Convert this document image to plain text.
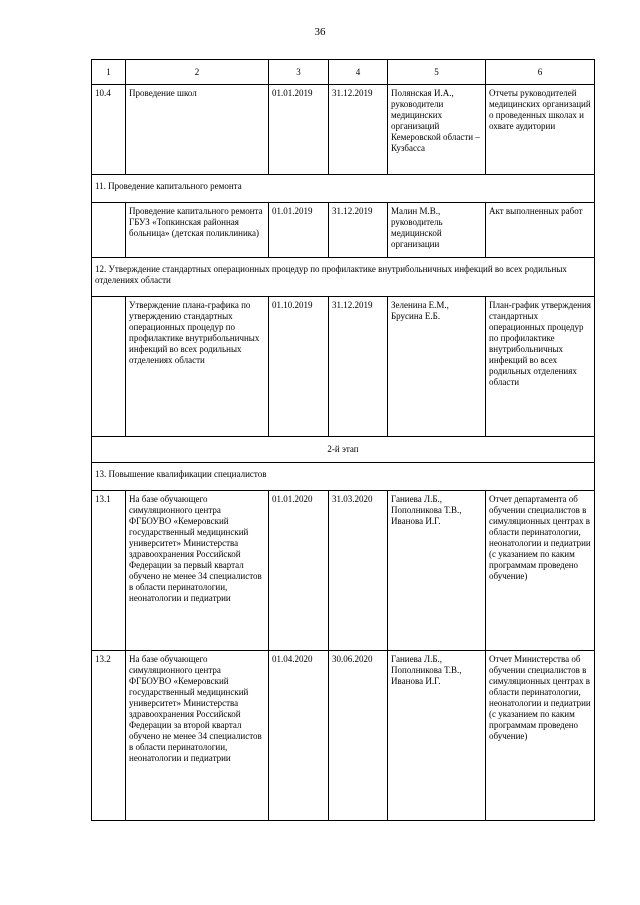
36
1	2	3	4	5	6
10.4	Проведение школ	01.01.2019	31.12.2019	Полянская И.А., руководители медицинских организаций Кемеровской области – Кузбасса	Отчеты руководителей медицинских организаций о проведенных школах и охвате аудитории
11. Проведение капитального ремонта					
	Проведение капитального ремонта ГБУЗ «Топкинская районная больница» (детская поликлиника)	01.01.2019	31.12.2019	Малин М.В., руководитель медицинской организации	Акт выполненных работ
12. Утверждение стандартных операционных процедур по профилактике внутрибольничных инфекций во всех родильных отделениях области					
	Утверждение плана-графика по утверждению стандартных операционных процедур по профилактике внутрибольничных инфекций во всех родильных отделениях области	01.10.2019	31.12.2019	Зеленина Е.М., Брусина Е.Б.	План-график утверждения стандартных операционных процедур по профилактике внутрибольничных инфекций во всех родильных отделениях области
2-й этап					
13. Повышение квалификации специалистов					
13.1	На базе обучающего симуляционного центра ФГБОУВО «Кемеровский государственный медицинский университет» Министерства здравоохранения Российской Федерации за первый квартал обучено не менее 34 специалистов в области перинатологии, неонатологии и педиатрии	01.01.2020	31.03.2020	Ганиева Л.Б., Пополникова Т.В., Иванова И.Г.	Отчет департамента об обучении специалистов в симуляционных центрах в области перинатологии, неонатологии и педиатрии (с указанием по каким программам проведено обучение)
13.2	На базе обучающего симуляционного центра ФГБОУВО «Кемеровский государственный медицинский университет» Министерства здравоохранения Российской Федерации за второй квартал обучено не менее 34 специалистов в области перинатологии, неонатологии и педиатрии	01.04.2020	30.06.2020	Ганиева Л.Б., Пополникова Т.В., Иванова И.Г.	Отчет Министерства об обучении специалистов в симуляционных центрах в области перинатологии, неонатологии и педиатрии (с указанием по каким программам проведено обучение)
